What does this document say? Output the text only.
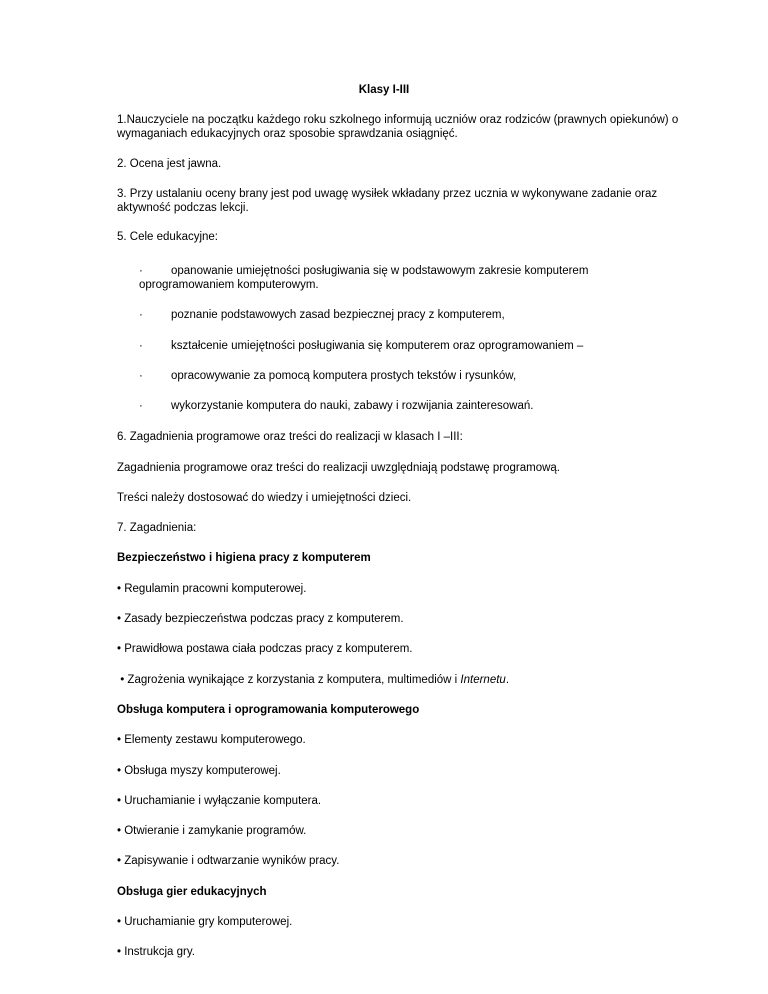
Klasy I-III
1.Nauczyciele na początku każdego roku szkolnego informują uczniów oraz rodziców (prawnych opiekunów) o
wymaganiach edukacyjnych oraz sposobie sprawdzania osiągnięć.
2. Ocena jest jawna.
3. Przy ustalaniu oceny brany jest pod uwagę wysiłek wkładany przez ucznia w wykonywane zadanie oraz
aktywność podczas lekcji.
5. Cele edukacyjne:
· opanowanie umiejętności posługiwania się w podstawowym zakresie komputerem
oprogramowaniem komputerowym.
· poznanie podstawowych zasad bezpiecznej pracy z komputerem,
· kształcenie umiejętności posługiwania się komputerem oraz oprogramowaniem –
· opracowywanie za pomocą komputera prostych tekstów i rysunków,
· wykorzystanie komputera do nauki, zabawy i rozwijania zainteresowań.
6. Zagadnienia programowe oraz treści do realizacji w klasach I –III:
Zagadnienia programowe oraz treści do realizacji uwzględniają podstawę programową.
Treści należy dostosować do wiedzy i umiejętności dzieci.
7. Zagadnienia:
Bezpieczeństwo i higiena pracy z komputerem
• Regulamin pracowni komputerowej.
• Zasady bezpieczeństwa podczas pracy z komputerem.
• Prawidłowa postawa ciała podczas pracy z komputerem.
• Zagrożenia wynikające z korzystania z komputera, multimediów i Internetu.
Obsługa komputera i oprogramowania komputerowego
• Elementy zestawu komputerowego.
• Obsługa myszy komputerowej.
• Uruchamianie i wyłączanie komputera.
• Otwieranie i zamykanie programów.
• Zapisywanie i odtwarzanie wyników pracy.
Obsługa gier edukacyjnych
• Uruchamianie gry komputerowej.
• Instrukcja gry.
